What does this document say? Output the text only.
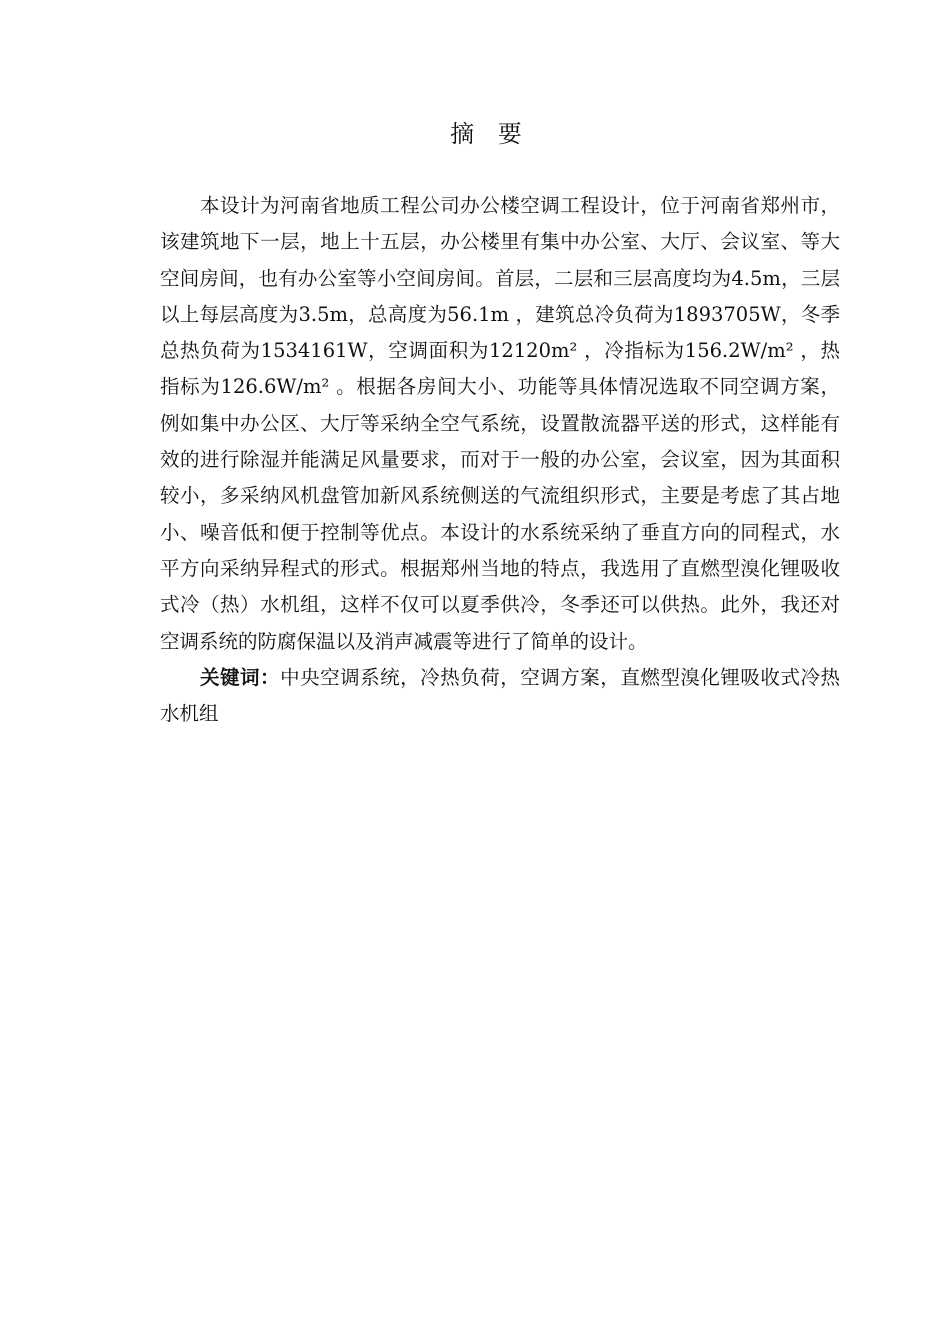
摘 要

本设计为河南省地质工程公司办公楼空调工程设计，位于河南省郑州市，该建筑地下一层，地上十五层，办公楼里有集中办公室、大厅、会议室、等大空间房间，也有办公室等小空间房间。首层，二层和三层高度均为4.5m，三层以上每层高度为3.5m，总高度为56.1m ，建筑总冷负荷为1893705W，冬季总热负荷为1534161W，空调面积为12120m² ，冷指标为156.2W/m² ，热指标为126.6W/m² 。根据各房间大小、功能等具体情况选取不同空调方案，例如集中办公区、大厅等采纳全空气系统，设置散流器平送的形式，这样能有效的进行除湿并能满足风量要求，而对于一般的办公室，会议室，因为其面积较小，多采纳风机盘管加新风系统侧送的气流组织形式，主要是考虑了其占地小、噪音低和便于控制等优点。本设计的水系统采纳了垂直方向的同程式，水平方向采纳异程式的形式。根据郑州当地的特点，我选用了直燃型溴化锂吸收式冷（热）水机组，这样不仅可以夏季供冷，冬季还可以供热。此外，我还对空调系统的防腐保温以及消声减震等进行了简单的设计。

关键词：中央空调系统，冷热负荷，空调方案，直燃型溴化锂吸收式冷热水机组
